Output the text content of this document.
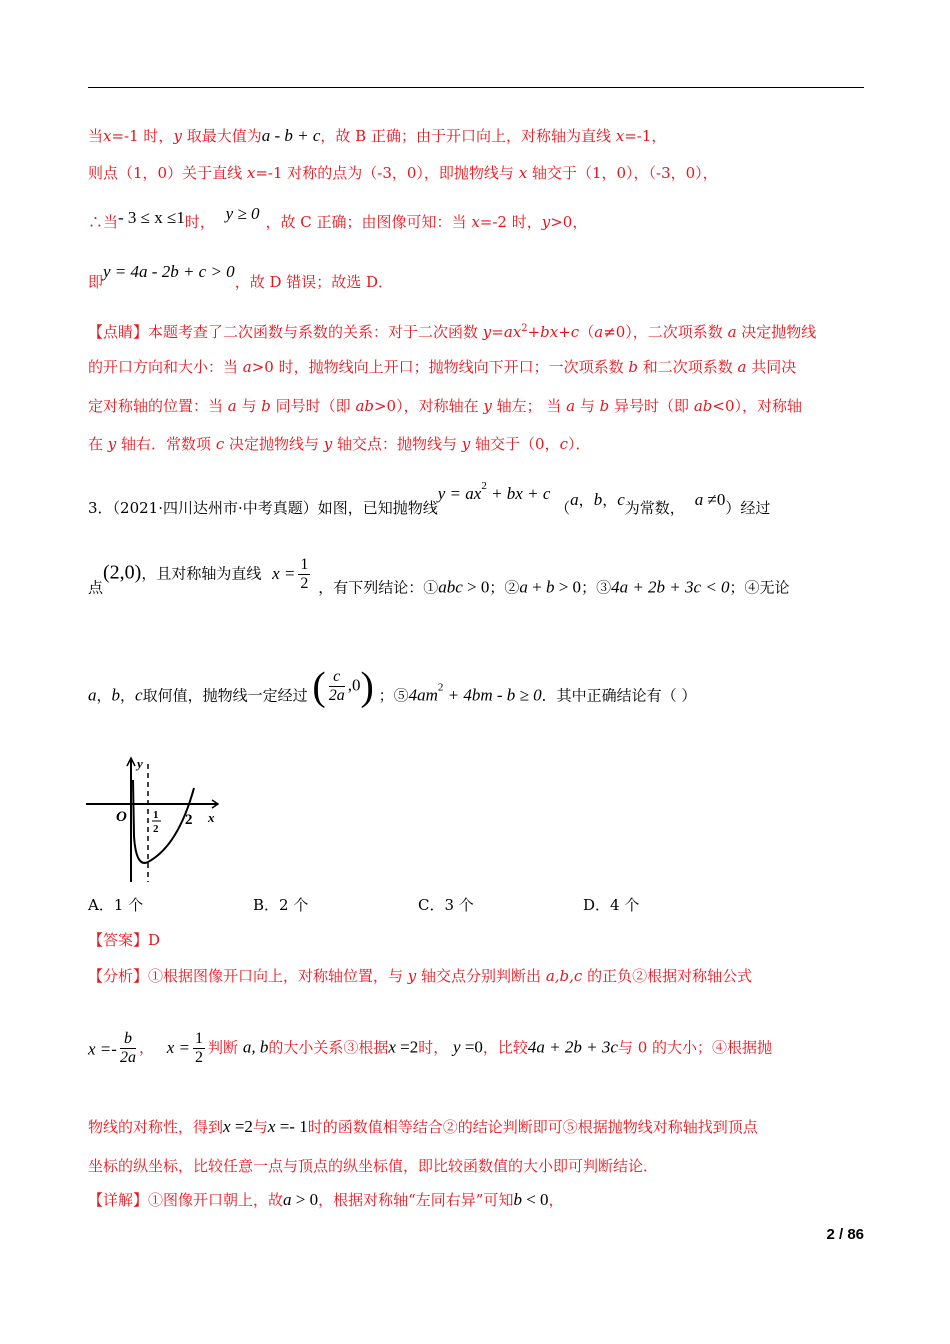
当x=-1 时，y 取最大值为a - b + c，故 B 正确；由于开口向上，对称轴为直线 x=-1，
则点（1，0）关于直线 x=-1 对称的点为（-3，0），即抛物线与 x 轴交于（1，0），（-3，0），
∴当- 3 ≤ x ≤1时， y ≥ 0 ，故 C 正确；由图像可知：当 x=-2 时，y>0，
即y = 4a - 2b + c > 0，故 D 错误；故选 D．
【点睛】本题考查了二次函数与系数的关系：对于二次函数 $y=ax^2+bx+c(a\ne 0)$，二次项系数 a 决定抛物线
的开口方向和大小：当 a>0 时，抛物线向上开口；抛物线向下开口；一次项系数 b 和二次项系数 a 共同决
定对称轴的位置：当 a 与 b 同号时（即 ab>0），对称轴在 y 轴左； 当 a 与 b 异号时（即 ab<0），对称轴
在 y 轴右．常数项 c 决定抛物线与 y 轴交点：抛物线与 y 轴交于（0，c）．
3．（2021·四川达州市·中考真题）如图，已知抛物线$y = ax^2$ + bx + c （a，b，c为常数， a ≠0）经过
点(2,0)，且对称轴为直线 $x = \frac{1}{2}$ ，有下列结论：①abc > 0；②a + b > 0；③4a + 2b + 3c < 0；④无论
a，b，c取何值，抛物线一定经过 ( $\frac{c}{2a} ,0$) ；⑤4am2 + 4bm - b ≥ 0．其中正确结论有（ ）
y
x
O 1
2
2
A．1 个	B．2 个	C．3 个	D．4 个
【答案】D
【分析】①根据图像开口向上，对称轴位置，与 y 轴交点分别判断出 a,b,c 的正负②根据对称轴公式
$x =- \frac{b}{2a}$ ， $x = \frac{1}{2}$ 判断 a, b的大小关系③根据x =2时， y =0，比较4a + 2b + 3c与 0 的大小；④根据抛
物线的对称性，得到x =2与x =- 1时的函数值相等结合②的结论判断即可⑤根据抛物线对称轴找到顶点
坐标的纵坐标，比较任意一点与顶点的纵坐标值，即比较函数值的大小即可判断结论．
【详解】①图像开口朝上，故a > 0，根据对称轴“左同右异”可知b < 0，
2 / 86
